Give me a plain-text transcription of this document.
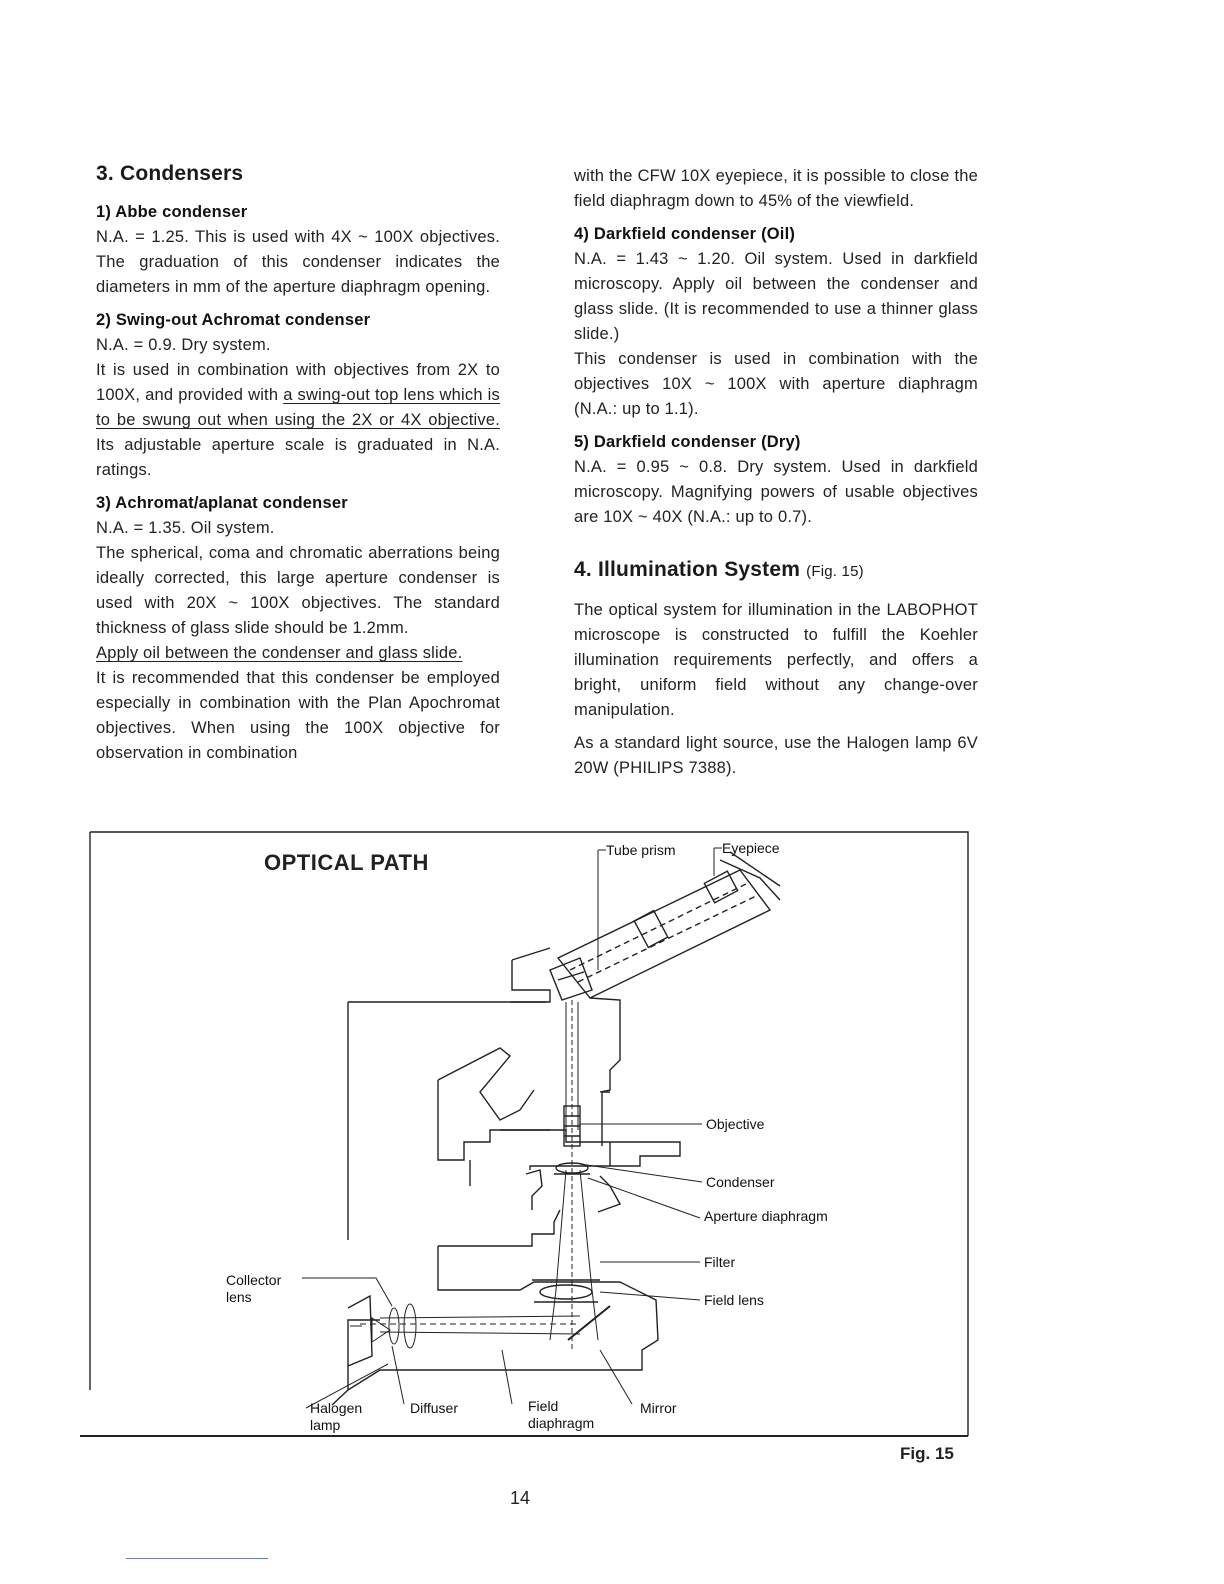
3. Condensers
1) Abbe condenser

N.A. = 1.25. This is used with 4X ~ 100X objectives. The graduation of this condenser indicates the diameters in mm of the aperture diaphragm opening.

2) Swing-out Achromat condenser

N.A. = 0.9. Dry system.

It is used in combination with objectives from 2X to 100X, and provided with a swing-out top lens which is to be swung out when using the 2X or 4X objective. Its adjustable aperture scale is graduated in N.A. ratings.

3) Achromat/aplanat condenser

N.A. = 1.35. Oil system.

The spherical, coma and chromatic aberrations being ideally corrected, this large aperture condenser is used with 20X ~ 100X objectives. The standard thickness of glass slide should be 1.2mm.

Apply oil between the condenser and glass slide.

It is recommended that this condenser be employed especially in combination with the Plan Apochromat objectives. When using the 100X objective for observation in combination

with the CFW 10X eyepiece, it is possible to close the field diaphragm down to 45% of the viewfield.

4) Darkfield condenser (Oil)

N.A. = 1.43 ~ 1.20. Oil system. Used in darkfield microscopy. Apply oil between the condenser and glass slide. (It is recommended to use a thinner glass slide.)

This condenser is used in combination with the objectives 10X ~ 100X with aperture diaphragm (N.A.: up to 1.1).

5) Darkfield condenser (Dry)

N.A. = 0.95 ~ 0.8. Dry system. Used in darkfield microscopy. Magnifying powers of usable objectives are 10X ~ 40X (N.A.: up to 0.7).

4. Illumination System (Fig. 15)

The optical system for illumination in the LABOPHOT microscope is constructed to fulfill the Koehler illumination requirements perfectly, and offers a bright, uniform field without any change-over manipulation.

As a standard light source, use the Halogen lamp 6V 20W (PHILIPS 7388).

OPTICAL PATH	Tube prism	Eyepiece
Objective
Condenser
Aperture diaphragm
Filter
Field lens
Collector
lens
Halogen
lamp
Diffuser	Field
diaphragm
Mirror
Fig. 15
14
